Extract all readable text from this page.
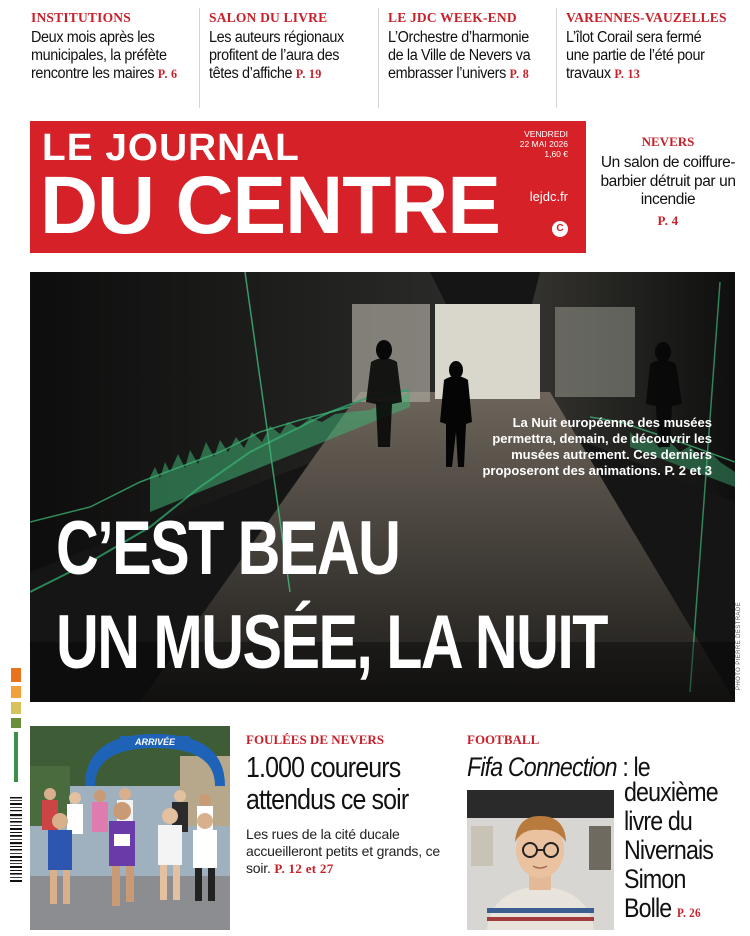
INSTITUTIONS
Deux mois après les municipales, la préfète rencontre les maires P. 6
SALON DU LIVRE
Les auteurs régionaux profitent de l’aura des têtes d’affiche P. 19
LE JDC WEEK-END
L’Orchestre d’harmonie de la Ville de Nevers va embrasser l’univers P. 8
VARENNES-VAUZELLES
L’îlot Corail sera fermé une partie de l’été pour travaux P. 13
LE JOURNAL
DU CENTRE
VENDREDI
22 MAI 2026
1,60 €
lejdc.fr
C
NEVERS
Un salon de coiffure-barbier détruit par un incendie
P. 4
La Nuit européenne des musées permettra, demain, de découvrir les musées autrement. Ces derniers proposeront des animations. P. 2 et 3
C’EST BEAU
UN MUSÉE, LA NUIT	PHOTO PIERRE DESTRADE
ARRIVÉE	FOULÉES DE NEVERS
1.000 coureurs attendus ce soir
Les rues de la cité ducale accueilleront petits et grands, ce soir. P. 12 et 27
FOOTBALL
Fifa Connection : le
deuxième livre du Nivernais Simon Bolle P. 26
